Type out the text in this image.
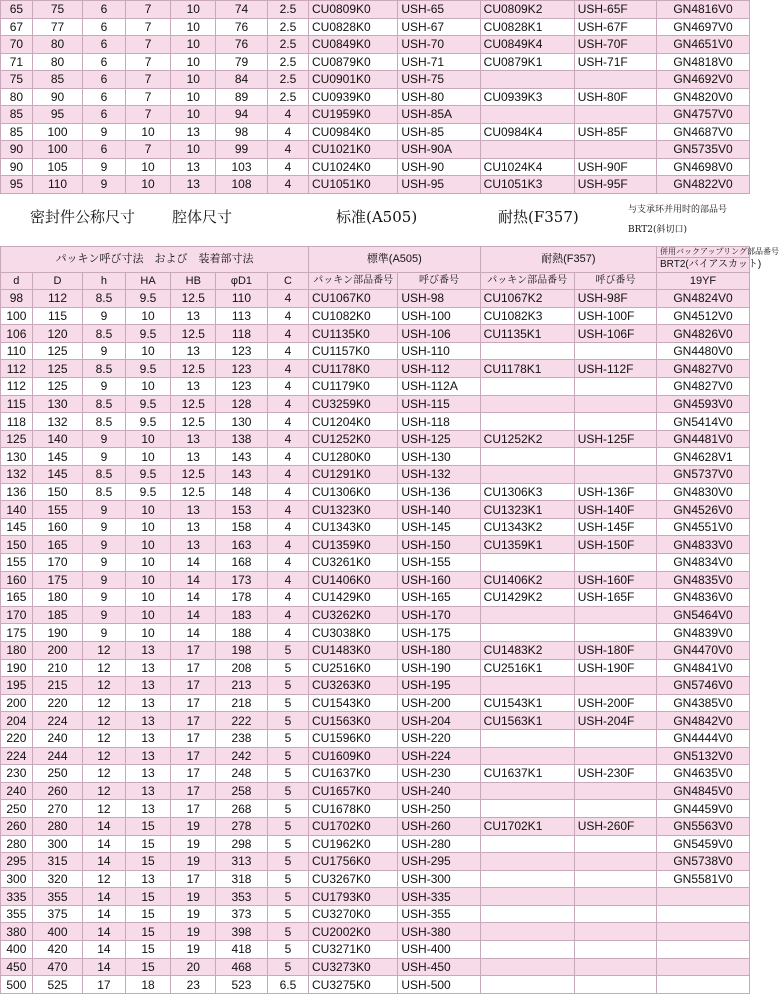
65	75	6	7	10	74	2.5	CU0809K0	USH-65	CU0809K2	USH-65F	GN4816V0
67	77	6	7	10	76	2.5	CU0828K0	USH-67	CU0828K1	USH-67F	GN4697V0
70	80	6	7	10	76	2.5	CU0849K0	USH-70	CU0849K4	USH-70F	GN4651V0
71	80	6	7	10	79	2.5	CU0879K0	USH-71	CU0879K1	USH-71F	GN4818V0
75	85	6	7	10	84	2.5	CU0901K0	USH-75			GN4692V0
80	90	6	7	10	89	2.5	CU0939K0	USH-80	CU0939K3	USH-80F	GN4820V0
85	95	6	7	10	94	4	CU1959K0	USH-85A			GN4757V0
85	100	9	10	13	98	4	CU0984K0	USH-85	CU0984K4	USH-85F	GN4687V0
90	100	6	7	10	99	4	CU1021K0	USH-90A			GN5735V0
90	105	9	10	13	103	4	CU1024K0	USH-90	CU1024K4	USH-90F	GN4698V0
95	110	9	10	13	108	4	CU1051K0	USH-95	CU1051K3	USH-95F	GN4822V0
密封件公称尺寸 腔体尺寸	标准(A505)	耐热(F357)	与支承环并用时的部品号
BRT2(斜切口)
パッキン呼び寸法　および　装着部寸法							標準(A505)		耐熱(F357)		併用バックアップリング部品番号
											BRT2(バイアスカット)
d	D	h	HA	HB	φD1	C	パッキン部品番号	呼び番号	パッキン部品番号	呼び番号	19YF
98	112	8.5	9.5	12.5	110	4	CU1067K0	USH-98	CU1067K2	USH-98F	GN4824V0
100	115	9	10	13	113	4	CU1082K0	USH-100	CU1082K3	USH-100F	GN4512V0
106	120	8.5	9.5	12.5	118	4	CU1135K0	USH-106	CU1135K1	USH-106F	GN4826V0
110	125	9	10	13	123	4	CU1157K0	USH-110			GN4480V0
112	125	8.5	9.5	12.5	123	4	CU1178K0	USH-112	CU1178K1	USH-112F	GN4827V0
112	125	9	10	13	123	4	CU1179K0	USH-112A			GN4827V0
115	130	8.5	9.5	12.5	128	4	CU3259K0	USH-115			GN4593V0
118	132	8.5	9.5	12.5	130	4	CU1204K0	USH-118			GN5414V0
125	140	9	10	13	138	4	CU1252K0	USH-125	CU1252K2	USH-125F	GN4481V0
130	145	9	10	13	143	4	CU1280K0	USH-130			GN4628V1
132	145	8.5	9.5	12.5	143	4	CU1291K0	USH-132			GN5737V0
136	150	8.5	9.5	12.5	148	4	CU1306K0	USH-136	CU1306K3	USH-136F	GN4830V0
140	155	9	10	13	153	4	CU1323K0	USH-140	CU1323K1	USH-140F	GN4526V0
145	160	9	10	13	158	4	CU1343K0	USH-145	CU1343K2	USH-145F	GN4551V0
150	165	9	10	13	163	4	CU1359K0	USH-150	CU1359K1	USH-150F	GN4833V0
155	170	9	10	14	168	4	CU3261K0	USH-155			GN4834V0
160	175	9	10	14	173	4	CU1406K0	USH-160	CU1406K2	USH-160F	GN4835V0
165	180	9	10	14	178	4	CU1429K0	USH-165	CU1429K2	USH-165F	GN4836V0
170	185	9	10	14	183	4	CU3262K0	USH-170			GN5464V0
175	190	9	10	14	188	4	CU3038K0	USH-175			GN4839V0
180	200	12	13	17	198	5	CU1483K0	USH-180	CU1483K2	USH-180F	GN4470V0
190	210	12	13	17	208	5	CU2516K0	USH-190	CU2516K1	USH-190F	GN4841V0
195	215	12	13	17	213	5	CU3263K0	USH-195			GN5746V0
200	220	12	13	17	218	5	CU1543K0	USH-200	CU1543K1	USH-200F	GN4385V0
204	224	12	13	17	222	5	CU1563K0	USH-204	CU1563K1	USH-204F	GN4842V0
220	240	12	13	17	238	5	CU1596K0	USH-220			GN4444V0
224	244	12	13	17	242	5	CU1609K0	USH-224			GN5132V0
230	250	12	13	17	248	5	CU1637K0	USH-230	CU1637K1	USH-230F	GN4635V0
240	260	12	13	17	258	5	CU1657K0	USH-240			GN4845V0
250	270	12	13	17	268	5	CU1678K0	USH-250			GN4459V0
260	280	14	15	19	278	5	CU1702K0	USH-260	CU1702K1	USH-260F	GN5563V0
280	300	14	15	19	298	5	CU1962K0	USH-280			GN5459V0
295	315	14	15	19	313	5	CU1756K0	USH-295			GN5738V0
300	320	12	13	17	318	5	CU3267K0	USH-300			GN5581V0
335	355	14	15	19	353	5	CU1793K0	USH-335			
355	375	14	15	19	373	5	CU3270K0	USH-355			
380	400	14	15	19	398	5	CU2002K0	USH-380			
400	420	14	15	19	418	5	CU3271K0	USH-400			
450	470	14	15	20	468	5	CU3273K0	USH-450			
500	525	17	18	23	523	6.5	CU3275K0	USH-500			
